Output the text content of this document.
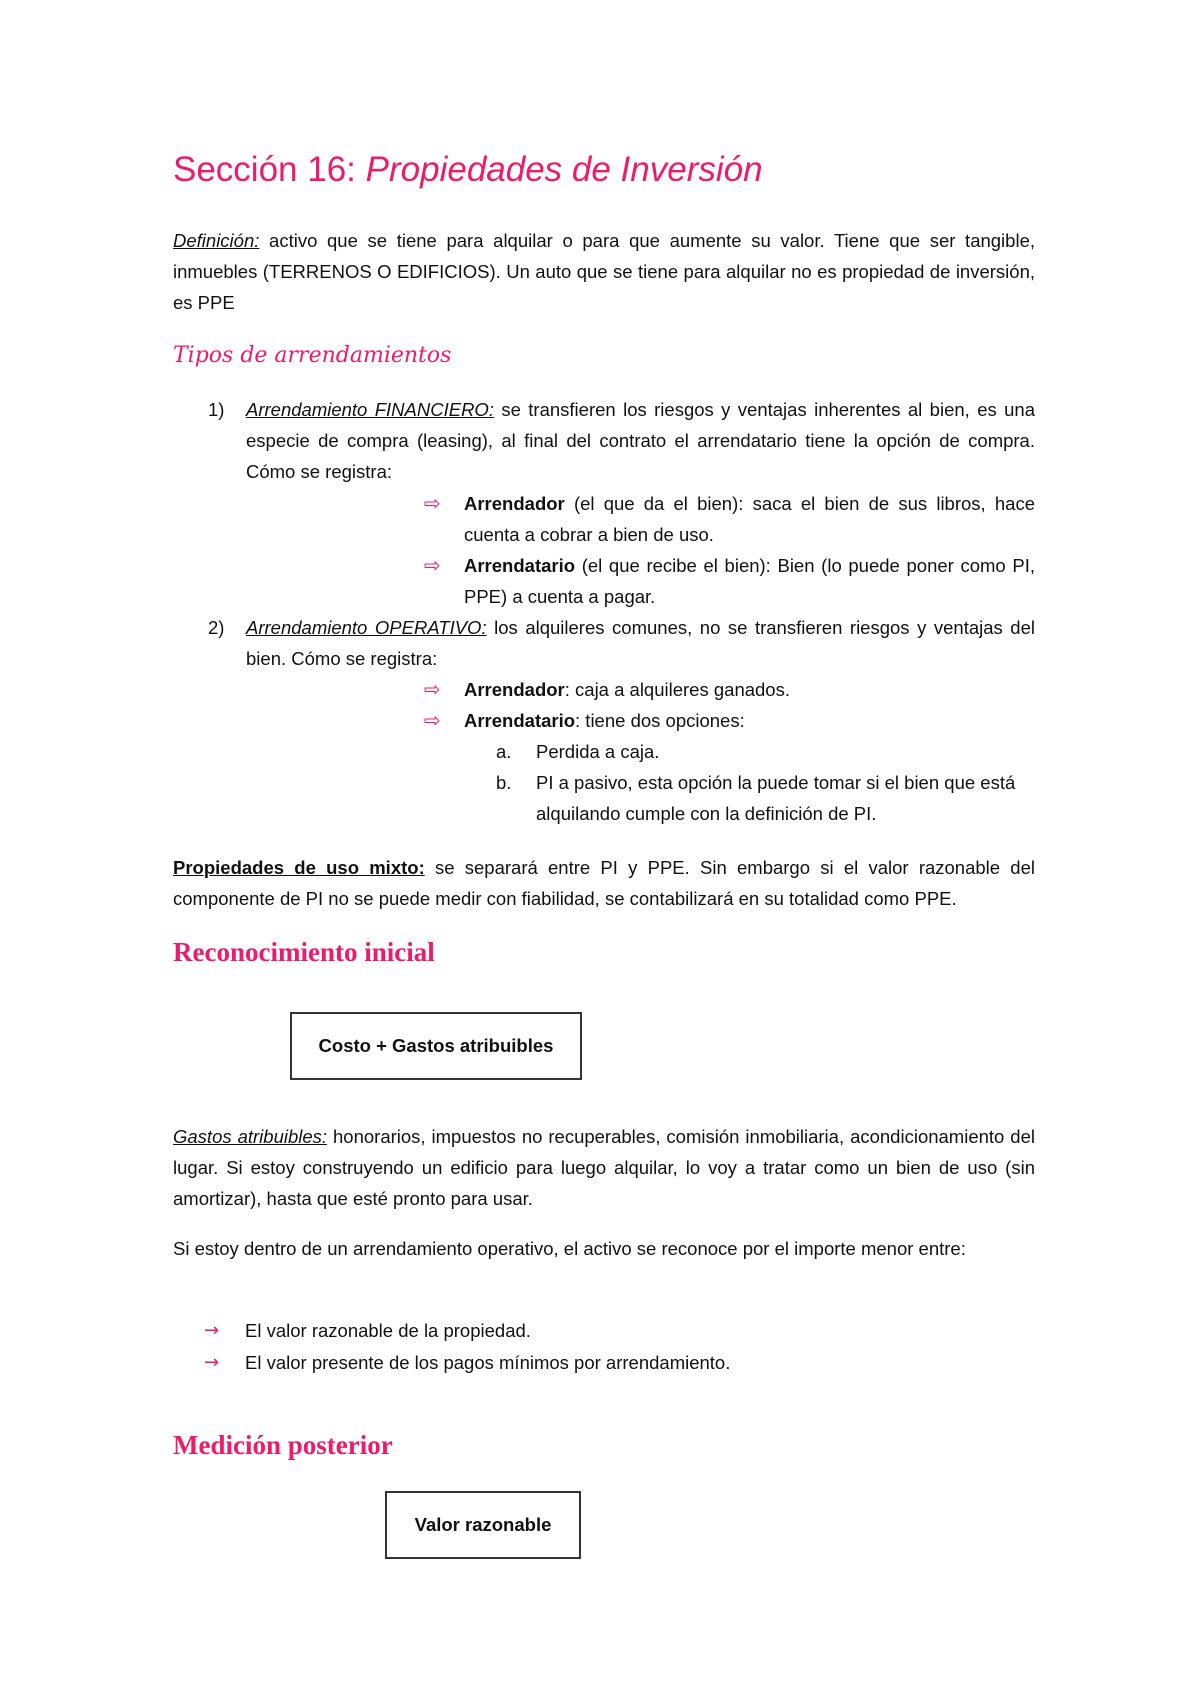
Sección 16: Propiedades de Inversión
Definición: activo que se tiene para alquilar o para que aumente su valor. Tiene que ser tangible, inmuebles (TERRENOS O EDIFICIOS). Un auto que se tiene para alquilar no es propiedad de inversión, es PPE
Tipos de arrendamientos
1) Arrendamiento FINANCIERO: se transfieren los riesgos y ventajas inherentes al bien, es una especie de compra (leasing), al final del contrato el arrendatario tiene la opción de compra. Cómo se registra:
⇨ Arrendador (el que da el bien): saca el bien de sus libros, hace cuenta a cobrar a bien de uso.
⇨ Arrendatario (el que recibe el bien): Bien (lo puede poner como PI, PPE) a cuenta a pagar.
2) Arrendamiento OPERATIVO: los alquileres comunes, no se transfieren riesgos y ventajas del bien. Cómo se registra:
⇨ Arrendador: caja a alquileres ganados.
⇨ Arrendatario: tiene dos opciones:
a. Perdida a caja.
b. PI a pasivo, esta opción la puede tomar si el bien que está alquilando cumple con la definición de PI.
Propiedades de uso mixto: se separará entre PI y PPE. Sin embargo si el valor razonable del componente de PI no se puede medir con fiabilidad, se contabilizará en su totalidad como PPE.
Reconocimiento inicial
Costo + Gastos atribuibles
Gastos atribuibles: honorarios, impuestos no recuperables, comisión inmobiliaria, acondicionamiento del lugar. Si estoy construyendo un edificio para luego alquilar, lo voy a tratar como un bien de uso (sin amortizar), hasta que esté pronto para usar.
Si estoy dentro de un arrendamiento operativo, el activo se reconoce por el importe menor entre:
→ El valor razonable de la propiedad.
→ El valor presente de los pagos mínimos por arrendamiento.
Medición posterior
Valor razonable
